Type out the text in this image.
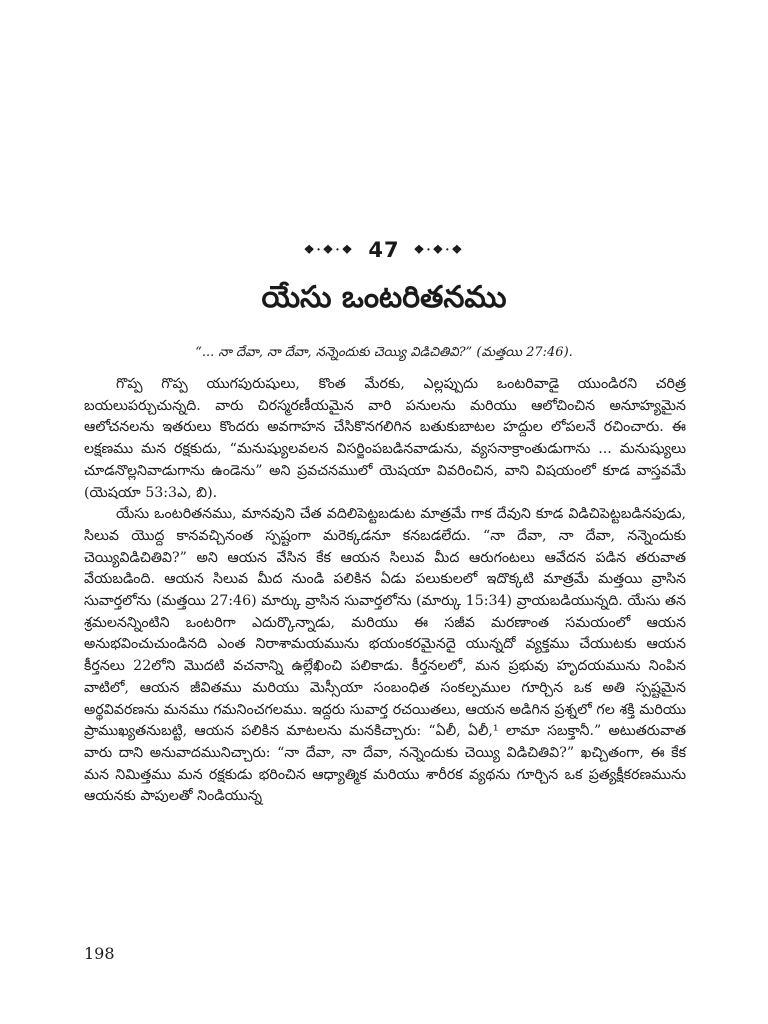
❖·❖·❖ 47 ❖·❖·❖
యేసు ఒంటరితనము
“... నా దేవా, నా దేవా, నన్నెందుకు చెయ్యి విడిచితివి?” (మత్తయి 27:46).

గొప్ప గొప్ప యుగపురుషులు, కొంత మేరకు, ఎల్లప్పుదు ఒంటరివాడై యుండిరని చరిత్ర బయలుపర్చుచున్నది. వారు చిరస్మరణీయమైన వారి పనులను మరియు ఆలోచించిన అనూహ్యమైన ఆలోచనలను ఇతరులు కొందరు అవగాహన చేసికొనగలిగిన బతుకుబాటల హద్దుల లోపలనే రచించారు. ఈ లక్షణము మన రక్షకుదు, “మనుష్యులవలన విసర్జింపబడినవాడును, వ్యసనాక్రాంతుడుగాను ... మనుష్యులు చూడనొల్లనివాడుగాను ఉండెను” అని ప్రవచనములో యెషయా వివరించిన, వాని విషయంలో కూడ వాస్తవమే (యెషయా 53:3ఎ, బి).

యేసు ఒంటరితనము, మానవుని చేత వదిలిపెట్టబడుట మాత్రమే గాక దేవుని కూడ విడిచిపెట్టబడినపుడు, సిలువ యొద్ద కానవచ్చినంత స్పష్టంగా మరెక్కడనూ కనబడలేదు. “నా దేవా, నా దేవా, నన్నెందుకు చెయ్యివిడిచితివి?” అని ఆయన వేసిన కేక ఆయన సిలువ మీద ఆరుగంటలు ఆవేదన పడిన తరువాత వేయబడింది. ఆయన సిలువ మీద నుండి పలికిన ఏడు పలుకులలో ఇదొక్కటి మాత్రమే మత్తయి వ్రాసిన సువార్తలోను (మత్తయి 27:46) మార్కు వ్రాసిన సువార్తలోను (మార్కు 15:34) వ్రాయబడియున్నది. యేసు తన శ్రమలనన్నింటిని ఒంటరిగా ఎదుర్కొన్నాడు, మరియు ఈ సజీవ మరణాంత సమయంలో ఆయన అనుభవించుచుండినది ఎంత నిరాశామయమును భయంకరమైనదై యున్నదో వ్యక్తము చేయుటకు ఆయన కీర్తనలు 22లోని మొదటి వచనాన్ని ఉల్లేఖించి పలికాడు. కీర్తనలలో, మన ప్రభువు హృదయమును నింపిన వాటిలో, ఆయన జీవితము మరియు మెస్సీయా సంబంధిత సంకల్పముల గూర్చిన ఒక అతి స్పష్టమైన అర్థవివరణను మనము గమనించగలము. ఇద్దరు సువార్త రచయితలు, ఆయన అడిగిన ప్రశ్నలో గల శక్తి మరియు ప్రాముఖ్యతనుబట్టి, ఆయన పలికిన మాటలను మనకిచ్చారు: “ఏలీ, ఏలీ,¹ లామా సబక్తానీ.” అటుతరువాత వారు దాని అనువాదమునిచ్చారు: “నా దేవా, నా దేవా, నన్నెందుకు చెయ్యి విడిచితివి?” ఖచ్చితంగా, ఈ కేక మన నిమిత్తము మన రక్షకుడు భరించిన ఆధ్యాత్మిక మరియు శారీరక వ్యథను గూర్చిన ఒక ప్రత్యక్షీకరణమును ఆయనకు పాపులతో నిండియున్న

198
